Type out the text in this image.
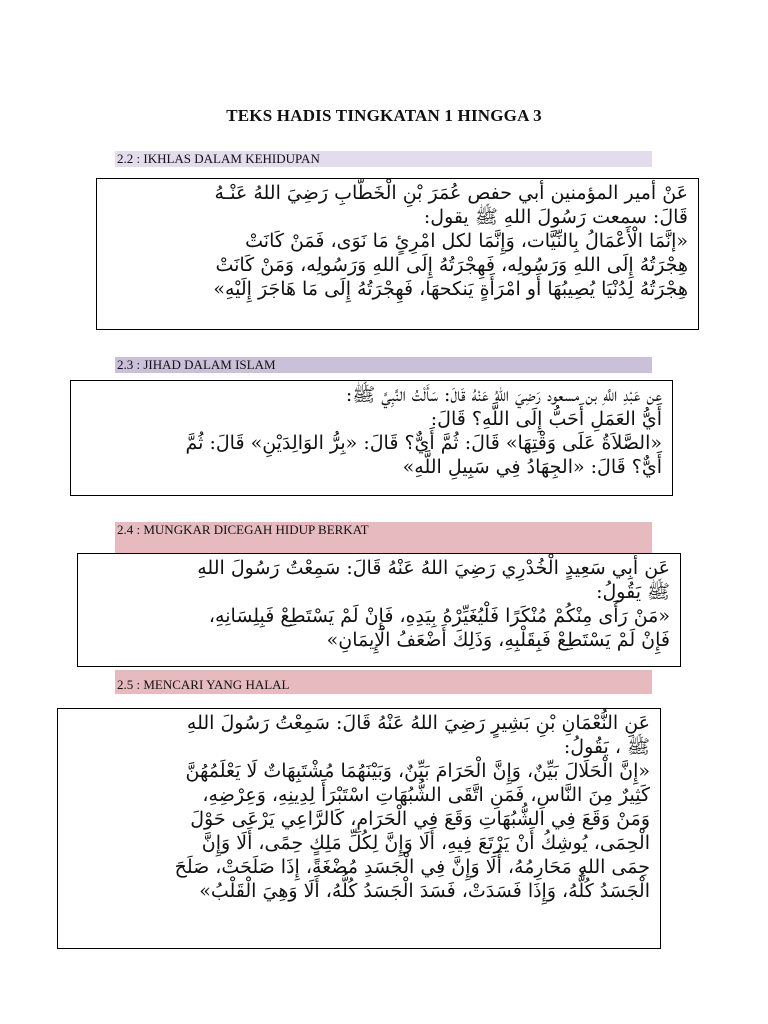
TEKS HADIS TINGKATAN 1 HINGGA 3
2.2 : IKHLAS DALAM KEHIDUPAN

عَنْ أمير المؤمنين أبي حفص عُمَرَ بْنِ الْخَطَّابِ رَضِيَ اللهُ عَنْـهُ

قَالَ: سمعت رَسُولَ اللهِ ﷺ يقول:

«إنَّمَا الْأَعْمَالُ بِالنِّيَّات، وَإِنَّمَا لكل امْرِئٍ مَا نَوَى، فَمَنْ كَانَتْ

هِجْرَتُهُ إِلَى اللهِ وَرَسُولِه، فَهِجْرَتُهُ إِلَى اللهِ وَرَسُولِه، وَمَنْ كَانَتْ

هِجْرَتُهُ لِدُنْيَا يُصِيبُهَا أَو امْرَأَةٍ يَنكحهَا، فَهِجْرَتُهُ إِلَى مَا هَاجَرَ إِلَيْهِ»

2.3 : JIHAD DALAM ISLAM

عن عَبْدِ اللَّهِ بن مسعود رَضِيَ اللهُ عَنْهُ قَالَ: سَأَلْتُ النَّبِيَّ ﷺ:

أَيُّ العَمَلِ أَحَبُّ إِلَى اللَّهِ؟ قَالَ:

«الصَّلاَةُ عَلَى وَقْتِهَا» قَالَ: ثُمَّ أَيٌّ؟ قَالَ: «بِرُّ الوَالِدَيْنِ» قَالَ: ثُمَّ

أَيٌّ؟ قَالَ: «الجِهَادُ فِي سَبِيلِ اللَّهِ»

2.4 : MUNGKAR DICEGAH HIDUP BERKAT

عَن أَبِي سَعِيدٍ الْخُدْرِي رَضِيَ اللهُ عَنْهُ قَالَ: سَمِعْتُ رَسُولَ اللهِ

ﷺ يَقُولُ:

«مَنْ رَأَى مِنْكُمْ مُنْكَرًا فَلْيُغَيِّرْهُ بِيَدِهِ، فَإِنْ لَمْ يَسْتَطِعْ فَبِلِسَانِهِ،

فَإِنْ لَمْ يَسْتَطِعْ فَبِقَلْبِهِ، وَذَلِكَ أَضْعَفُ الْإِيمَانِ»

2.5 : MENCARI YANG HALAL

عَنِ النُّعْمَانِ بْنِ بَشِيرٍ رَضِيَ اللهُ عَنْهُ قَالَ: سَمِعْتُ رَسُولَ اللهِ

ﷺ ، يَقُولُ:

«إِنَّ الْحَلَالَ بَيِّنٌ، وَإِنَّ الْحَرَامَ بَيِّنٌ، وَبَيْنَهُمَا مُشْتَبِهَاتٌ لَا يَعْلَمُهُنَّ

كَثِيرٌ مِنَ النَّاسِ، فَمَنِ اتَّقَى الشُّبُهَاتِ اسْتَبْرَأَ لِدِينِهِ، وَعِرْضِهِ،

وَمَنْ وَقَعَ فِي الشُّبُهَاتِ وَقَعَ فِي الْحَرَامِ، كَالرَّاعِي يَرْعَى حَوْلَ

الْحِمَى، يُوشِكُ أَنْ يَرْتَعَ فِيهِ، أَلَا وَإِنَّ لِكُلِّ مَلِكٍ حِمًى، أَلَا وَإِنَّ

حِمَى اللهِ مَحَارِمُهُ، أَلَا وَإِنَّ فِي الْجَسَدِ مُضْغَةً، إِذَا صَلَحَتْ، صَلَحَ

الْجَسَدُ كُلُّهُ، وَإِذَا فَسَدَتْ، فَسَدَ الْجَسَدُ كُلُّهُ، أَلَا وَهِيَ الْقَلْبُ»
